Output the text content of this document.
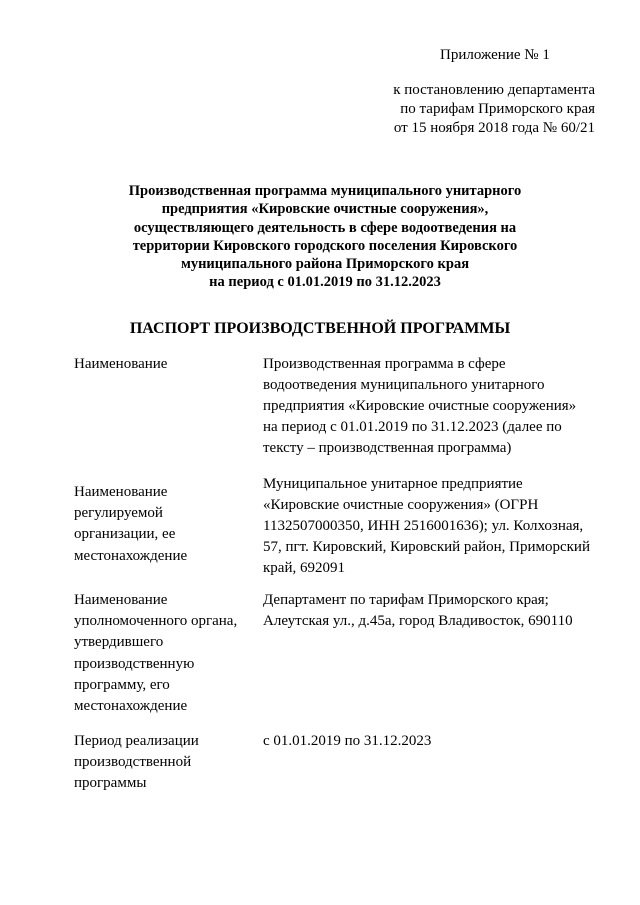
Приложение № 1
к постановлению департамента
по тарифам Приморского края
от 15 ноября 2018 года № 60/21
Производственная программа муниципального унитарного
предприятия «Кировские очистные сооружения»,
осуществляющего деятельность в сфере водоотведения на
территории Кировского городского поселения Кировского
муниципального района Приморского края
на период с 01.01.2019 по 31.12.2023
ПАСПОРТ ПРОИЗВОДСТВЕННОЙ ПРОГРАММЫ
Наименование	Производственная программа в сфере
водоотведения муниципального унитарного
предприятия «Кировские очистные сооружения»
на период с 01.01.2019 по 31.12.2023 (далее по
тексту – производственная программа)
Наименование
регулируемой
организации, ее
местонахождение
Муниципальное унитарное предприятие
«Кировские очистные сооружения» (ОГРН
1132507000350, ИНН 2516001636); ул. Колхозная,
57, пгт. Кировский, Кировский район, Приморский
край, 692091
Наименование
уполномоченного органа,
утвердившего
производственную
программу, его
местонахождение
Департамент по тарифам Приморского края;
Алеутская ул., д.45а, город Владивосток, 690110
Период реализации
производственной
программы
с 01.01.2019 по 31.12.2023
